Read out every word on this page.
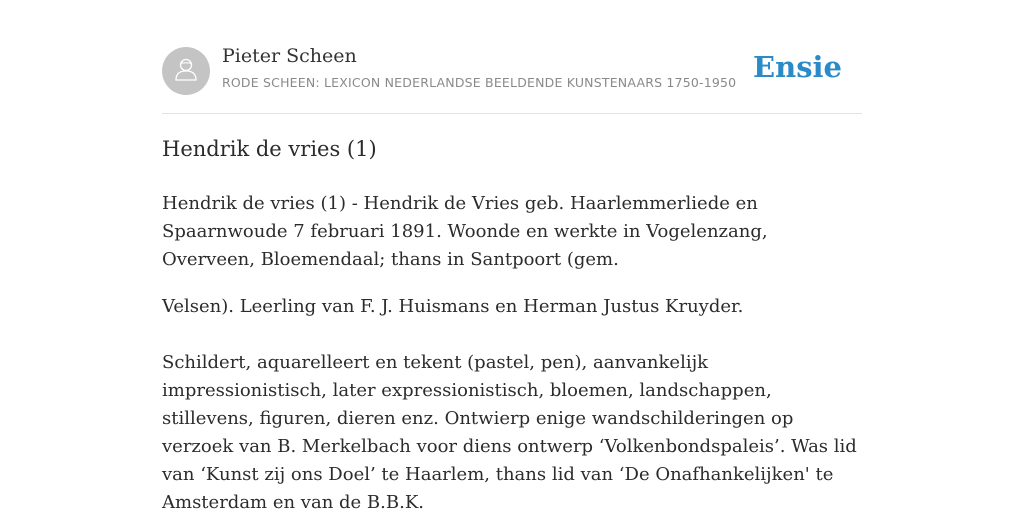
Pieter Scheen
RODE SCHEEN: LEXICON NEDERLANDSE BEELDENDE KUNSTENAARS 1750-1950 Ensie
Hendrik de vries (1)

Hendrik de vries (1) - Hendrik de Vries geb. Haarlemmerliede en Spaarnwoude 7 februari 1891. Woonde en werkte in Vogelenzang, Overveen, Bloemendaal; thans in Santpoort (gem.

Velsen). Leerling van F. J. Huismans en Herman Justus Kruyder.

Schildert, aquarelleert en tekent (pastel, pen), aanvankelijk impressionistisch, later expressionistisch, bloemen, landschappen, stillevens, figuren, dieren enz. Ontwierp enige wandschilderingen op verzoek van B. Merkelbach voor diens ontwerp ‘Volkenbondspaleis’. Was lid van ‘Kunst zij ons Doel’ te Haarlem, thans lid van ‘De Onafhankelijken' te Amsterdam en van de B.B.K.
